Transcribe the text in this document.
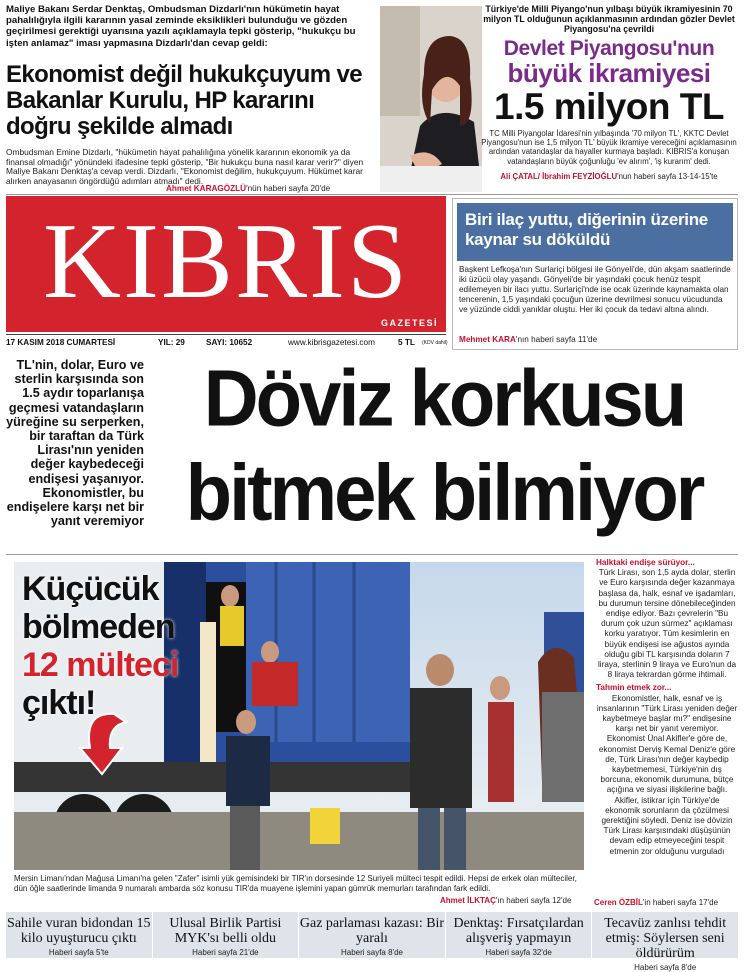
Maliye Bakanı Serdar Denktaş, Ombudsman Dizdarlı'nın hükümetin hayat pahalılığıyla ilgili kararının yasal zeminde eksiklikleri bulunduğu ve gözden geçirilmesi gerektiği uyarısına yazılı açıklamayla tepki gösterip, "hukukçu bu işten anlamaz" iması yapmasına Dizdarlı'dan cevap geldi:

Ekonomist değil hukukçuyum ve Bakanlar Kurulu, HP kararını doğru şekilde almadı

Ombudsman Emine Dizdarlı, "hükümetin hayat pahalılığına yönelik kararının ekonomik ya da finansal olmadığı" yönündeki ifadesine tepki gösterip, "Bir hukukçu buna nasıl karar verir?" diyen Maliye Bakanı Denktaş'a cevap verdi. Dizdarlı, "Ekonomist değilim, hukukçuyum. Hükümet karar alırken anayasanın öngördüğü adımları atmadı" dedi.

Ahmet KARAGÖZLÜ'nün haberi sayfa 20'de

Türkiye'de Milli Piyango'nun yılbaşı büyük ikramiyesinin 70 milyon TL olduğunun açıklanmasının ardından gözler Devlet Piyangosu'na çevrildi

Devlet Piyangosu'nun
büyük ikramiyesi
1.5 milyon TL

TC Milli Piyangolar İdaresi'nin yılbaşında '70 milyon TL', KKTC Devlet Piyangosu'nun ise 1,5 milyon TL' büyük ikramiye vereceğini açıklamasının ardından vatandaşlar da hayaller kurmaya başladı. KIBRIS'a konuşan vatandaşların büyük çoğunluğu 'ev alırım', 'iş kurarım' dedi.

Ali ÇATAL/ İbrahim FEYZİOĞLU'nun haberi sayfa 13-14-15'te

KIBRIS
GAZETESİ
17 KASIM 2018 CUMARTESİ	YIL: 29	SAYI: 10652	www.kibrisgazetesi.com	5 TL (KDV dahil)
Biri ilaç yuttu, diğerinin üzerine kaynar su döküldü

Başkent Lefkoşa'nın Surlariçi bölgesi ile Gönyeli'de, dün akşam saatlerinde iki üzücü olay yaşandı. Gönyeli'de bir yaşındaki çocuk henüz tespit edilemeyen bir ilacı yuttu. Surlariçi'nde ise ocak üzerinde kaynamakta olan tencerenin, 1,5 yaşındaki çocuğun üzerine devrilmesi sonucu vücudunda ve yüzünde ciddi yanıklar oluştu. Her iki çocuk da tedavi altına alındı.

Mehmet KARA'nın haberi sayfa 11'de

TL'nin, dolar, Euro ve sterlin karşısında son 1.5 aydır toparlanışa geçmesi vatandaşların yüreğine su serperken, bir taraftan da Türk Lirası'nın yeniden değer kaybedeceği endişesi yaşanıyor. Ekonomistler, bu endişelere karşı net bir yanıt veremiyor

Döviz korkusu
bitmek bilmiyor
Küçücük
bölmeden
12 mülteci
çıktı!

Mersin Limanı'ndan Mağusa Limanı'na gelen "Zafer" isimli yük gemisindeki bir TIR'ın dorsesinde 12 Suriyeli mülteci tespit edildi. Hepsi de erkek olan mülteciler, dün öğle saatlerinde limanda 9 numaralı ambarda söz konusu TIR'da muayene işlemini yapan gümrük memurları tarafından fark edildi.

Ahmet İLKTAÇ'ın haberi sayfa 12'de

Halktaki endişe sürüyor...

Türk Lirası, son 1,5 ayda dolar, sterlin ve Euro karşısında değer kazanmaya başlasa da, halk, esnaf ve işadamları, bu durumun tersine dönebileceğinden endişe ediyor. Bazı çevrelerin "Bu durum çok uzun sürmez" açıklaması korku yaratıyor. Tüm kesimlerin en büyük endişesi ise ağustos ayında olduğu gibi TL karşısında doların 7 liraya, sterlinin 9 liraya ve Euro'nun da 8 liraya tekrardan görme ihtimali.

Tahmin etmek zor...

Ekonomistler, halk, esnaf ve iş insanlarının "Türk Lirası yeniden değer kaybetmeye başlar mı?" endişesine karşı net bir yanıt veremiyor. Ekonomist Ünal Akifler'e göre de, ekonomist Derviş Kemal Deniz'e göre de, Türk Lirası'nın değer kaybedip kaybetmemesi, Türkiye'nin dış borcuna, ekonomik durumuna, bütçe açığına ve siyasi ilişkilerine bağlı. Akifler, istikrar için Türkiye'de ekonomik sorunların da çözülmesi gerektiğini söyledi. Deniz ise dövizin Türk Lirası karşısındaki düşüşünün devam edip etmeyeceğini tespit etmenin zor olduğunu vurguladı

Ceren ÖZBİL'in haberi sayfa 17'de

Sahile vuran bidondan 15 kilo uyuşturucu çıktı
Haberi sayfa 5'te
Ulusal Birlik Partisi MYK'sı belli oldu
Haberi sayfa 21'de
Gaz parlaması kazası: Bir yaralı
Haberi sayfa 8'de
Denktaş: Fırsatçılardan alışveriş yapmayın
Haberi sayfa 32'de
Tecavüz zanlısı tehdit etmiş: Söylersen seni öldürürüm
Haberi sayfa 8'de
